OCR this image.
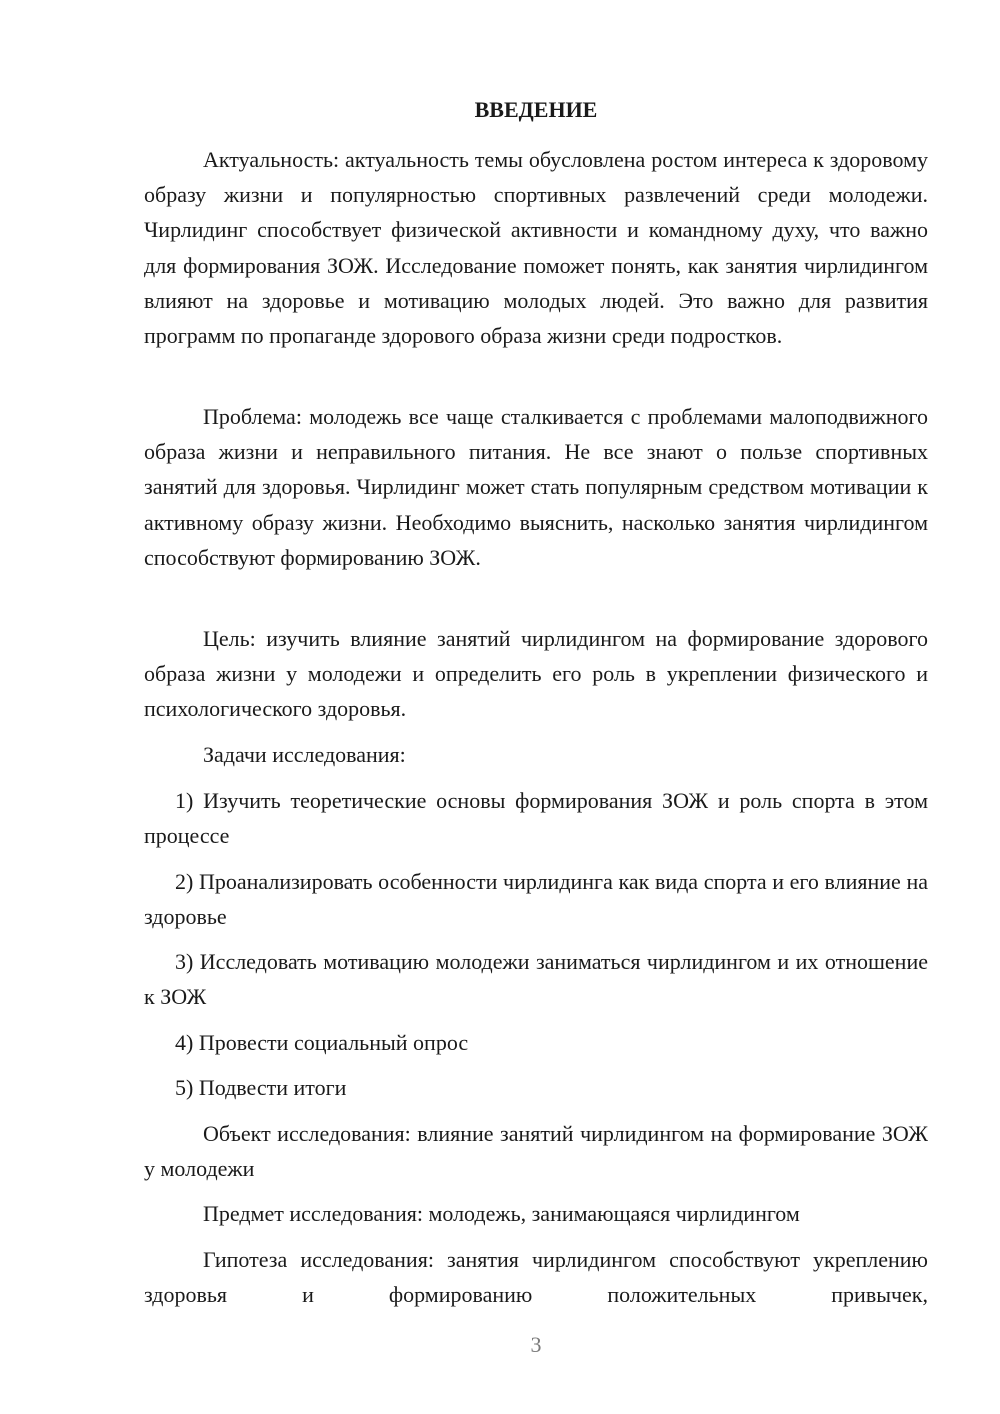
ВВЕДЕНИЕ

Актуальность: актуальность темы обусловлена ростом интереса к здоровому образу жизни и популярностью спортивных развлечений среди молодежи. Чирлидинг способствует физической активности и командному духу, что важно для формирования ЗОЖ. Исследование поможет понять, как занятия чирлидингом влияют на здоровье и мотивацию молодых людей. Это важно для развития программ по пропаганде здорового образа жизни среди подростков.

Проблема: молодежь все чаще сталкивается с проблемами малоподвижного образа жизни и неправильного питания. Не все знают о пользе спортивных занятий для здоровья. Чирлидинг может стать популярным средством мотивации к активному образу жизни. Необходимо выяснить, насколько занятия чирлидингом способствуют формированию ЗОЖ.

Цель: изучить влияние занятий чирлидингом на формирование здорового образа жизни у молодежи и определить его роль в укреплении физического и психологического здоровья.

Задачи исследования:

1) Изучить теоретические основы формирования ЗОЖ и роль спорта в этом процессе

2) Проанализировать особенности чирлидинга как вида спорта и его влияние на здоровье

3) Исследовать мотивацию молодежи заниматься чирлидингом и их отношение к ЗОЖ

4) Провести социальный опрос

5) Подвести итоги

Объект исследования: влияние занятий чирлидингом на формирование ЗОЖ у молодежи

Предмет исследования: молодежь, занимающаяся чирлидингом

Гипотеза исследования: занятия чирлидингом способствуют укреплению здоровья и формированию положительных привычек,

3
